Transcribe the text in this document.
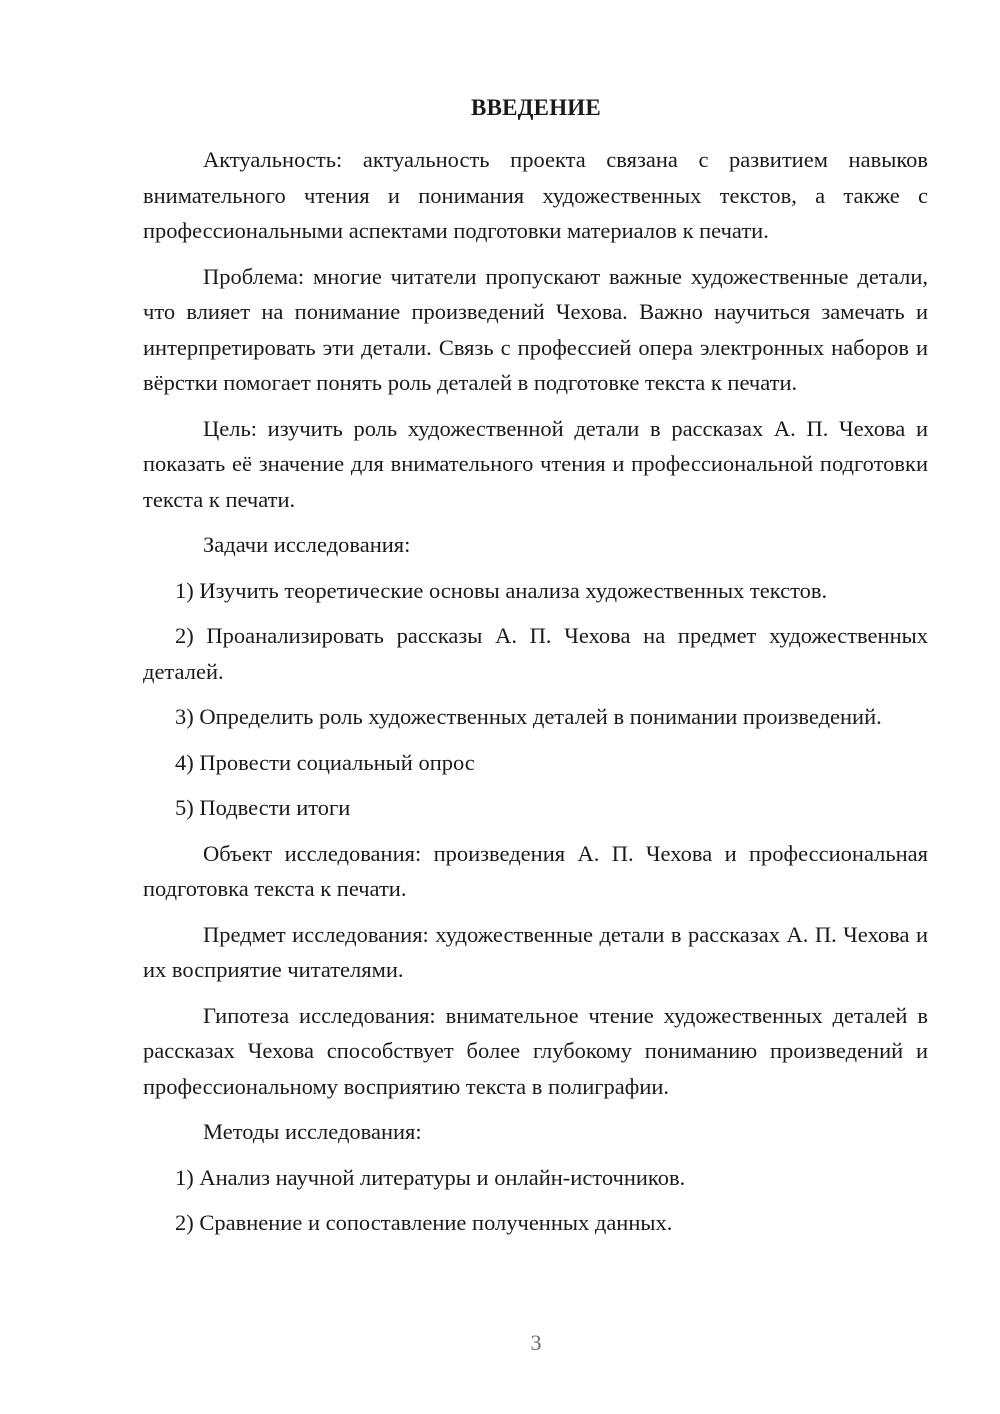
ВВЕДЕНИЕ

Актуальность: актуальность проекта связана с развитием навыков внимательного чтения и понимания художественных текстов, а также с профессиональными аспектами подготовки материалов к печати.

Проблема: многие читатели пропускают важные художественные детали, что влияет на понимание произведений Чехова. Важно научиться замечать и интерпретировать эти детали. Связь с профессией опера электронных наборов и вёрстки помогает понять роль деталей в подготовке текста к печати.

Цель: изучить роль художественной детали в рассказах А. П. Чехова и показать её значение для внимательного чтения и профессиональной подготовки текста к печати.

Задачи исследования:

1) Изучить теоретические основы анализа художественных текстов.

2) Проанализировать рассказы А. П. Чехова на предмет художественных деталей.

3) Определить роль художественных деталей в понимании произведений.

4) Провести социальный опрос

5) Подвести итоги

Объект исследования: произведения А. П. Чехова и профессиональная подготовка текста к печати.

Предмет исследования: художественные детали в рассказах А. П. Чехова и их восприятие читателями.

Гипотеза исследования: внимательное чтение художественных деталей в рассказах Чехова способствует более глубокому пониманию произведений и профессиональному восприятию текста в полиграфии.

Методы исследования:

1) Анализ научной литературы и онлайн-источников.

2) Сравнение и сопоставление полученных данных.

3
